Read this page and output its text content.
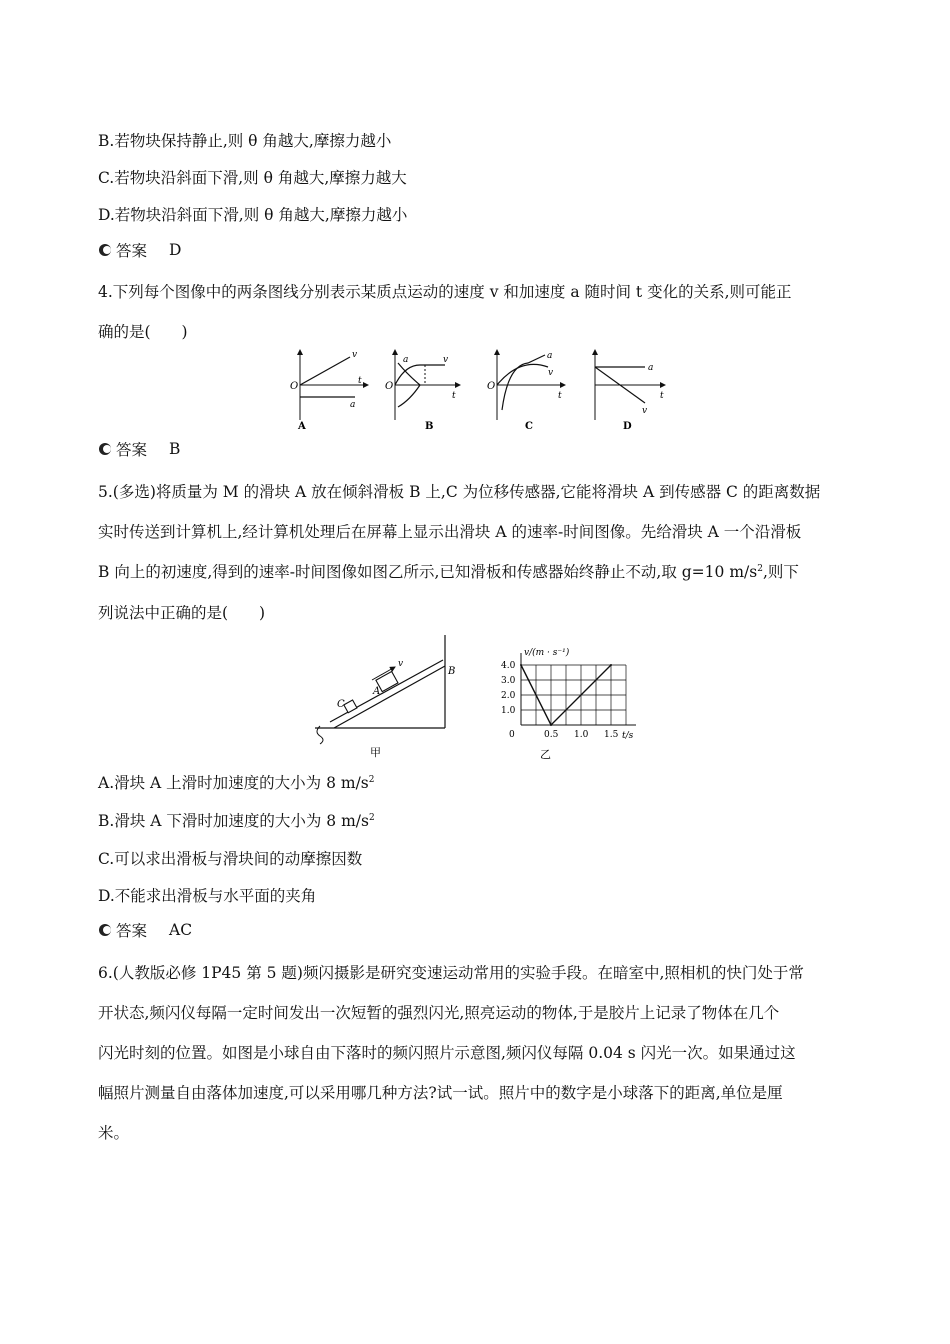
B.若物块保持静止,则 θ 角越大,摩擦力越小
C.若物块沿斜面下滑,则 θ 角越大,摩擦力越大
D.若物块沿斜面下滑,则 θ 角越大,摩擦力越小
答案 D
4.下列每个图像中的两条图线分别表示某质点运动的速度 v 和加速度 a 随时间 t 变化的关系,则可能正
确的是(　　)
O
v
t
a
A
O
a	v
t
B
O
a
v
t
C
a
v
t
D
答案 B
5.(多选)将质量为 M 的滑块 A 放在倾斜滑板 B 上,C 为位移传感器,它能将滑块 A 到传感器 C 的距离数据
实时传送到计算机上,经计算机处理后在屏幕上显示出滑块 A 的速率-时间图像。先给滑块 A 一个沿滑板
B 向上的初速度,得到的速率-时间图像如图乙所示,已知滑板和传感器始终静止不动,取 g=10 $m/s^2$,则下
列说法中正确的是(　　)
v
A
B
C
甲
1.0
2.0
3.0
4.0
0	0.5 1.0 1.5
v/(m · s⁻¹)
t/s
乙
A.滑块 A 上滑时加速度的大小为 8 $m/s^2$
B.滑块 A 下滑时加速度的大小为 8 $m/s^2$
C.可以求出滑板与滑块间的动摩擦因数
D.不能求出滑板与水平面的夹角
答案 AC
6.(人教版必修 1P45 第 5 题)频闪摄影是研究变速运动常用的实验手段。在暗室中,照相机的快门处于常
开状态,频闪仪每隔一定时间发出一次短暂的强烈闪光,照亮运动的物体,于是胶片上记录了物体在几个
闪光时刻的位置。如图是小球自由下落时的频闪照片示意图,频闪仪每隔 0.04 s 闪光一次。如果通过这
幅照片测量自由落体加速度,可以采用哪几种方法?试一试。照片中的数字是小球落下的距离,单位是厘
米。
